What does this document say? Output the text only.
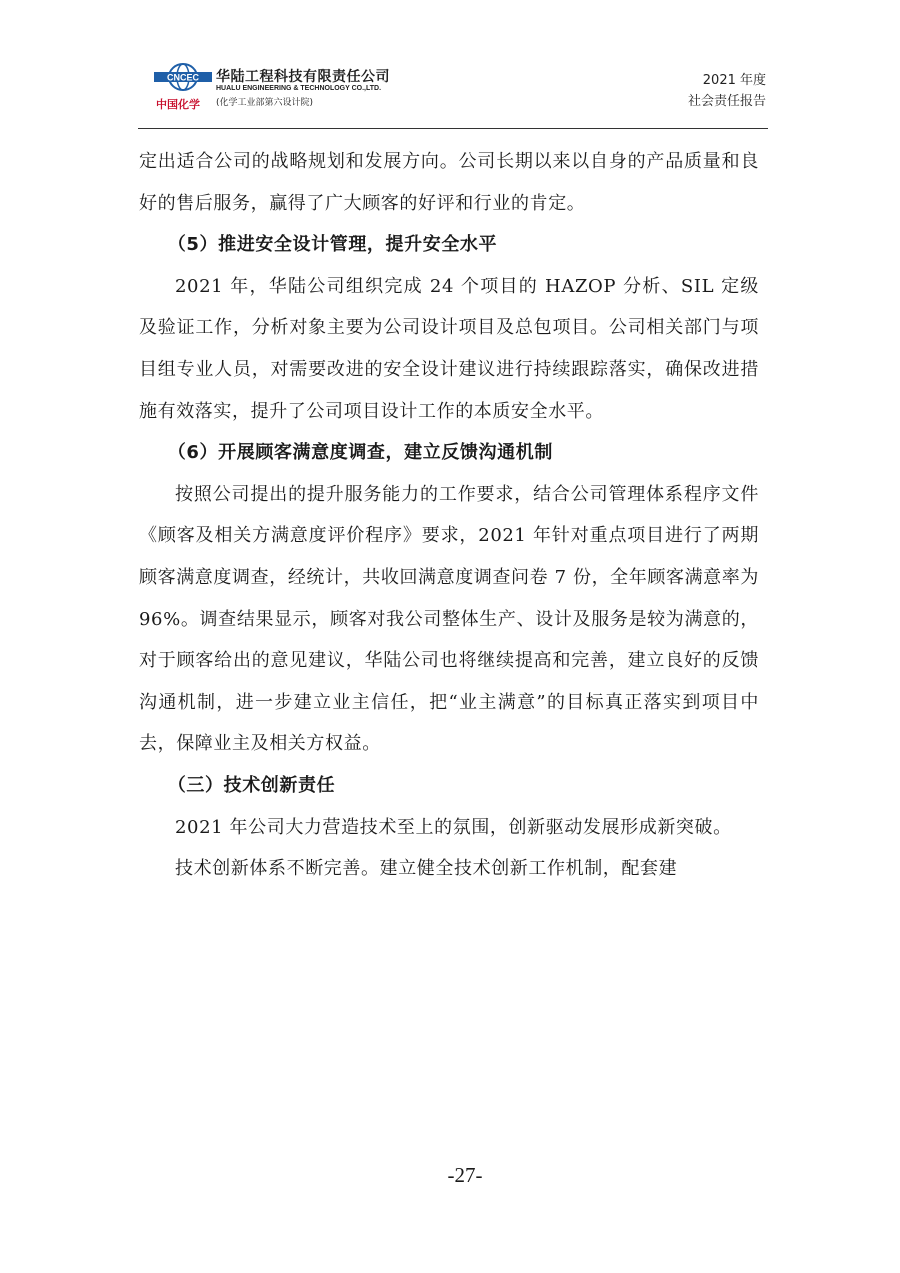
CNCEC 华陆工程科技有限责任公司
HUALU ENGINEERING & TECHNOLOGY CO.,LTD.
中国化学 (化学工业部第六设计院)
2021 年度
社会责任报告

定出适合公司的战略规划和发展方向。公司长期以来以自身的产品质量和良好的售后服务，赢得了广大顾客的好评和行业的肯定。

（5）推进安全设计管理，提升安全水平

2021 年，华陆公司组织完成 24 个项目的 HAZOP 分析、SIL 定级及验证工作，分析对象主要为公司设计项目及总包项目。公司相关部门与项目组专业人员，对需要改进的安全设计建议进行持续跟踪落实，确保改进措施有效落实，提升了公司项目设计工作的本质安全水平。

（6）开展顾客满意度调查，建立反馈沟通机制

按照公司提出的提升服务能力的工作要求，结合公司管理体系程序文件《顾客及相关方满意度评价程序》要求，2021 年针对重点项目进行了两期顾客满意度调查，经统计，共收回满意度调查问卷 7 份，全年顾客满意率为 96%。调查结果显示，顾客对我公司整体生产、设计及服务是较为满意的，对于顾客给出的意见建议，华陆公司也将继续提高和完善，建立良好的反馈沟通机制，进一步建立业主信任，把“业主满意”的目标真正落实到项目中去，保障业主及相关方权益。

（三）技术创新责任

2021 年公司大力营造技术至上的氛围，创新驱动发展形成新突破。

技术创新体系不断完善。建立健全技术创新工作机制，配套建

-27-
